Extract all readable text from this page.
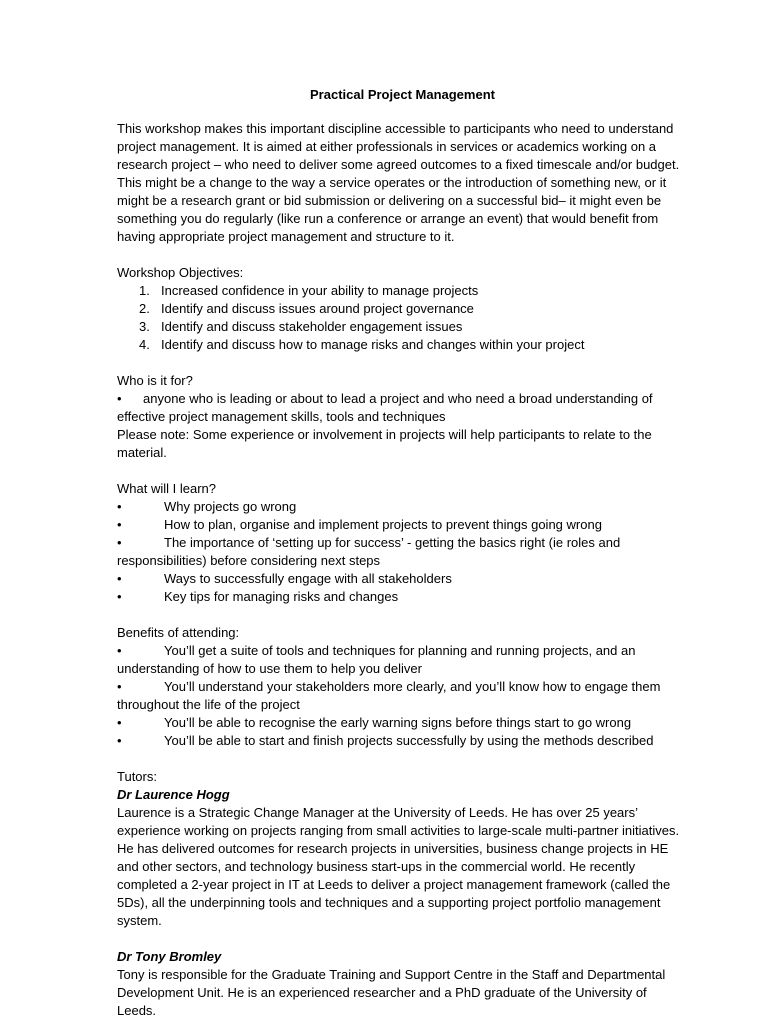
Practical Project Management

This workshop makes this important discipline accessible to participants who need to understand project management. It is aimed at either professionals in services or academics working on a research project – who need to deliver some agreed outcomes to a fixed timescale and/or budget. This might be a change to the way a service operates or the introduction of something new, or it might be a research grant or bid submission or delivering on a successful bid– it might even be something you do regularly (like run a conference or arrange an event) that would benefit from having appropriate project management and structure to it.

Workshop Objectives:

1. Increased confidence in your ability to manage projects
2. Identify and discuss issues around project governance
3. Identify and discuss stakeholder engagement issues
4. Identify and discuss how to manage risks and changes within your project

Who is it for?

• anyone who is leading or about to lead a project and who need a broad understanding of effective project management skills, tools and techniques

Please note: Some experience or involvement in projects will help participants to relate to the material.

What will I learn?

•	Why projects go wrong

•	How to plan, organise and implement projects to prevent things going wrong

•	The importance of ‘setting up for success’ - getting the basics right (ie roles and responsibilities) before considering next steps

•	Ways to successfully engage with all stakeholders

•	Key tips for managing risks and changes

Benefits of attending:

•	You’ll get a suite of tools and techniques for planning and running projects, and an understanding of how to use them to help you deliver

•	You’ll understand your stakeholders more clearly, and you’ll know how to engage them throughout the life of the project

•	You’ll be able to recognise the early warning signs before things start to go wrong

•	You’ll be able to start and finish projects successfully by using the methods described

Tutors:

Dr Laurence Hogg

Laurence is a Strategic Change Manager at the University of Leeds. He has over 25 years’ experience working on projects ranging from small activities to large-scale multi-partner initiatives. He has delivered outcomes for research projects in universities, business change projects in HE and other sectors, and technology business start-ups in the commercial world. He recently completed a 2-year project in IT at Leeds to deliver a project management framework (called the 5Ds), all the underpinning tools and techniques and a supporting project portfolio management system.

Dr Tony Bromley

Tony is responsible for the Graduate Training and Support Centre in the Staff and Departmental Development Unit. He is an experienced researcher and a PhD graduate of the University of Leeds.
